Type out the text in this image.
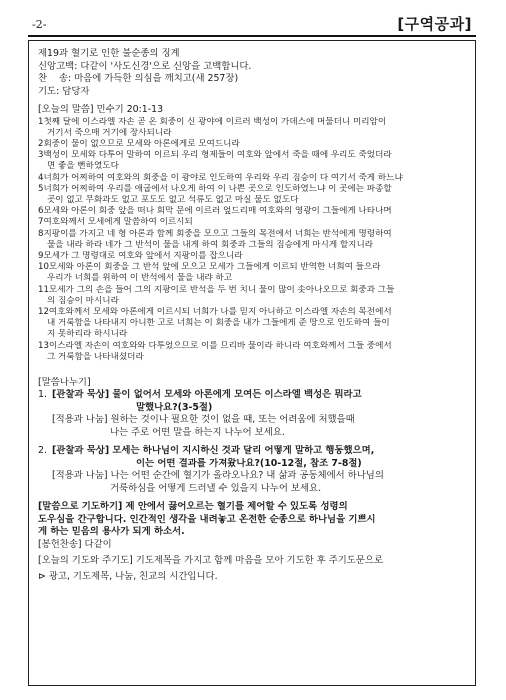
-2-	[구역공과]
제19과 혈기로 인한 불순종의 징계
신앙고백: 다같이 '사도신경'으로 신앙을 고백합니다.
찬    송: 마음에 가득한 의심을 깨치고(새 257장)
기도: 담당자
[오늘의 말씀] 민수기 20:1-13
1첫째 달에 이스라엘 자손 곧 온 회중이 신 광야에 이르러 백성이 가데스에 머물더니 미리암이
거기서 죽으매 거기에 장사되니라
2회중이 물이 없으므로 모세와 아론에게로 모여드니라
3백성이 모세와 다투어 말하여 이르되 우리 형제들이 여호와 앞에서 죽을 때에 우리도 죽었더라
면 좋을 뻔하였도다
4너희가 어찌하여 여호와의 회중을 이 광야로 인도하여 우리와 우리 짐승이 다 여기서 죽게 하느냐
5너희가 어찌하여 우리를 애굽에서 나오게 하여 이 나쁜 곳으로 인도하였느냐 이 곳에는 파종할
곳이 없고 무화과도 없고 포도도 없고 석류도 없고 마실 물도 없도다
6모세와 아론이 회중 앞을 떠나 회막 문에 이르러 엎드리매 여호와의 영광이 그들에게 나타나며
7여호와께서 모세에게 말씀하여 이르시되
8지팡이를 가지고 네 형 아론과 함께 회중을 모으고 그들의 목전에서 너희는 반석에게 명령하여
물을 내라 하라 네가 그 반석이 물을 내게 하여 회중과 그들의 짐승에게 마시게 할지니라
9모세가 그 명령대로 여호와 앞에서 지팡이를 잡으니라
10모세와 아론이 회중을 그 반석 앞에 모으고 모세가 그들에게 이르되 반역한 너희여 들으라
우리가 너희를 위하여 이 반석에서 물을 내랴 하고
11모세가 그의 손을 들어 그의 지팡이로 반석을 두 번 치니 물이 많이 솟아나오므로 회중과 그들
의 짐승이 마시니라
12여호와께서 모세와 아론에게 이르시되 너희가 나를 믿지 아니하고 이스라엘 자손의 목전에서
내 거룩함을 나타내지 아니한 고로 너희는 이 회중을 내가 그들에게 준 땅으로 인도하여 들이
지 못하리라 하시니라
13이스라엘 자손이 여호와와 다투었으므로 이를 므리바 물이라 하니라 여호와께서 그들 중에서
그 거룩함을 나타내셨더라
[말씀나누기]
1. [관찰과 묵상] 물이 없어서 모세와 아론에게 모여든 이스라엘 백성은 뭐라고
말했나요?(3-5절)
[적용과 나눔] 원하는 것이나 필요한 것이 없을 때, 또는 어려움에 처했을때
나는 주로 어떤 말을 하는지 나누어 보세요.
2. [관찰과 묵상] 모세는 하나님이 지시하신 것과 달리 어떻게 말하고 행동했으며,
이는 어떤 결과를 가져왔나요?(10-12절, 참조 7-8절)
[적용과 나눔] 나는 어떤 순간에 혈기가 올라오나요? 내 삶과 공동체에서 하나님의
거룩하심을 어떻게 드러낼 수 있을지 나누어 보세요.
[말씀으로 기도하기] 제 안에서 끓어오르는 혈기를 제어할 수 있도록 성령의
도우심을 간구합니다. 인간적인 생각을 내려놓고 온전한 순종으로 하나님을 기쁘시
게 하는 믿음의 용사가 되게 하소서.
[봉헌찬송] 다같이
[오늘의 기도와 주기도] 기도제목을 가지고 함께 마음을 모아 기도한 후 주기도문으로
⊳ 광고, 기도제목, 나눔, 친교의 시간입니다.
